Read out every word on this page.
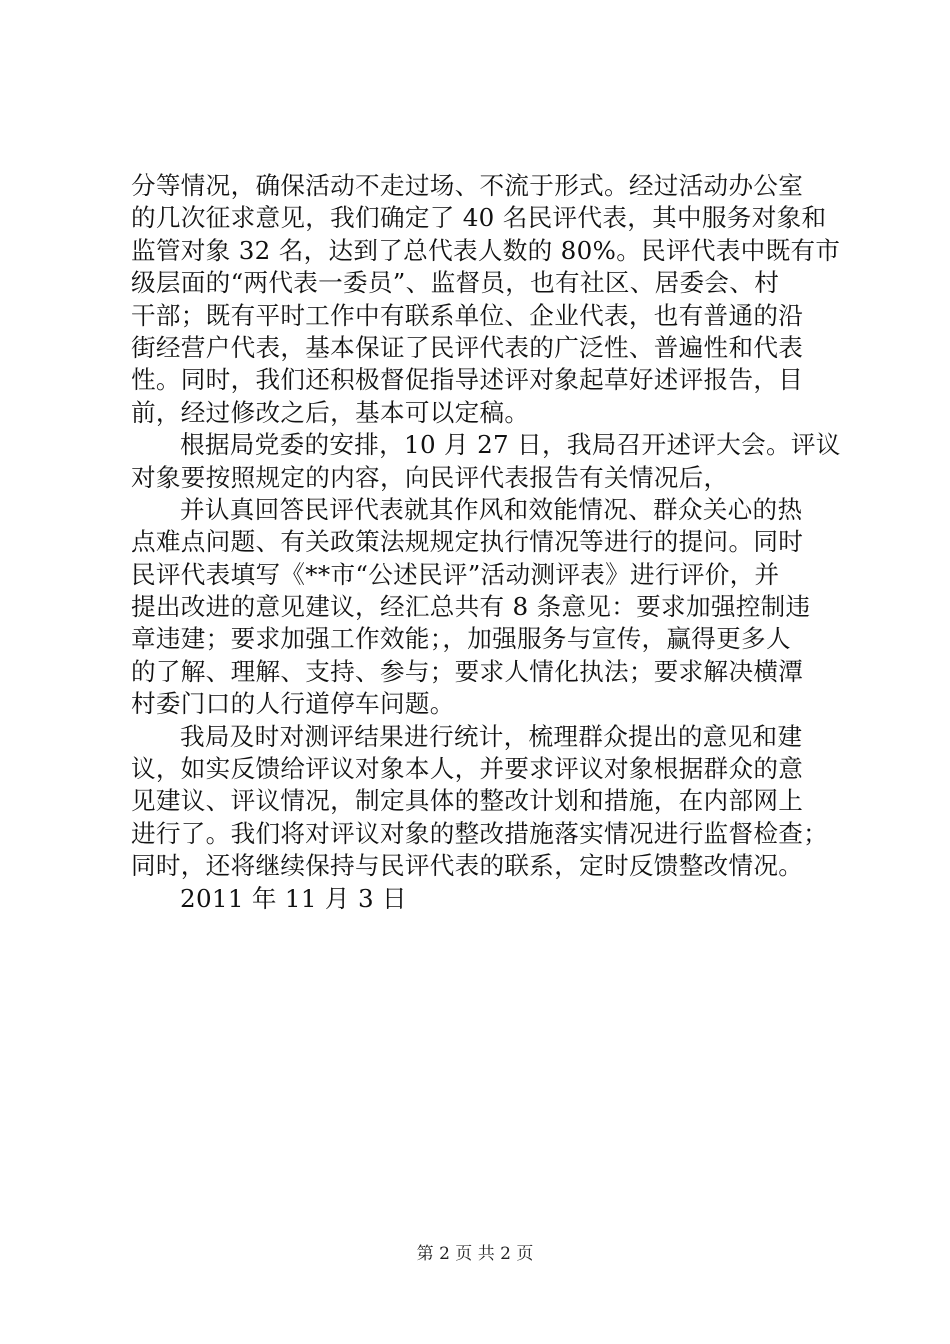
分等情况，确保活动不走过场、不流于形式。经过活动办公室
的几次征求意见，我们确定了 40 名民评代表，其中服务对象和
监管对象 32 名，达到了总代表人数的 80%。民评代表中既有市
级层面的“两代表一委员”、监督员，也有社区、居委会、村
干部；既有平时工作中有联系单位、企业代表，也有普通的沿
街经营户代表，基本保证了民评代表的广泛性、普遍性和代表
性。同时，我们还积极督促指导述评对象起草好述评报告，目
前，经过修改之后，基本可以定稿。
根据局党委的安排，10 月 27 日，我局召开述评大会。评议
对象要按照规定的内容，向民评代表报告有关情况后，
并认真回答民评代表就其作风和效能情况、群众关心的热
点难点问题、有关政策法规规定执行情况等进行的提问。同时
民评代表填写《**市“公述民评”活动测评表》进行评价，并
提出改进的意见建议，经汇总共有 8 条意见：要求加强控制违
章违建；要求加强工作效能；，加强服务与宣传，赢得更多人
的了解、理解、支持、参与；要求人情化执法；要求解决横潭
村委门口的人行道停车问题。
我局及时对测评结果进行统计，梳理群众提出的意见和建
议，如实反馈给评议对象本人，并要求评议对象根据群众的意
见建议、评议情况，制定具体的整改计划和措施，在内部网上
进行了。我们将对评议对象的整改措施落实情况进行监督检查；
同时，还将继续保持与民评代表的联系，定时反馈整改情况。
2011 年 11 月 3 日
第 2 页 共 2 页
